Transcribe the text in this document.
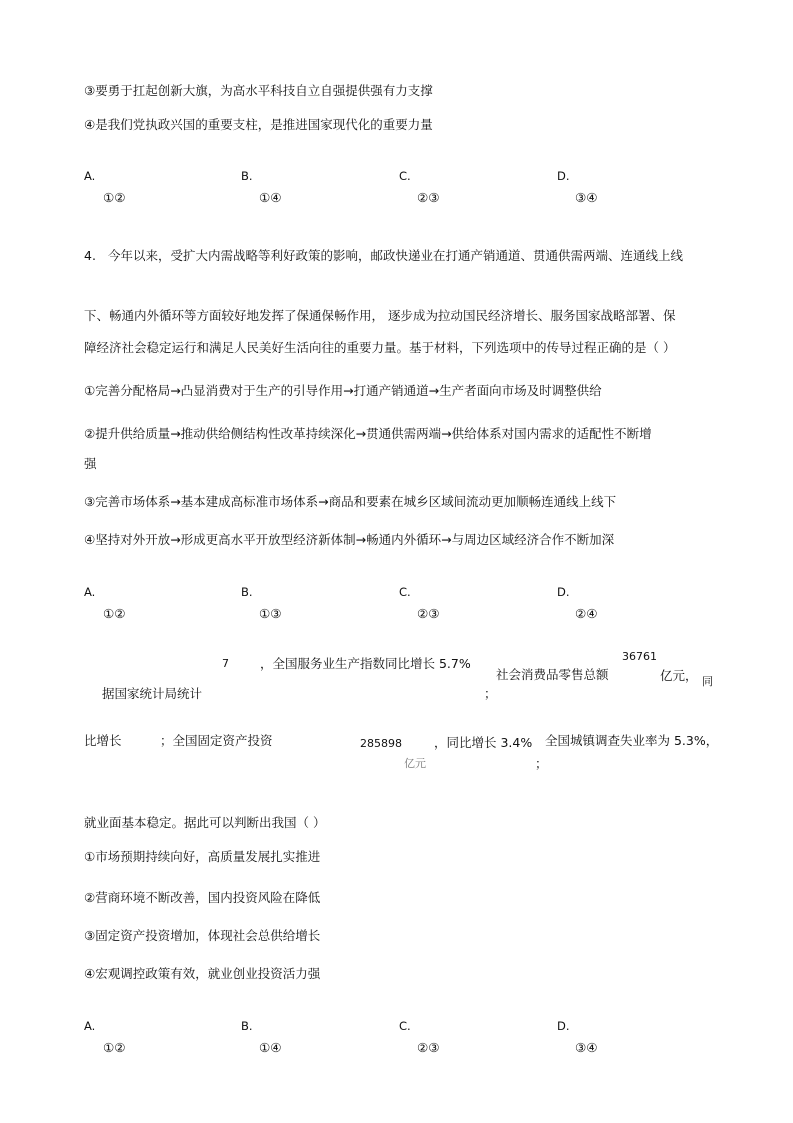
③要勇于扛起创新大旗，为高水平科技自立自强提供强有力支撑
④是我们党执政兴国的重要支柱，是推进国家现代化的重要力量
A.
①②
B.
①④
C.
②③
D.
③④
4. 今年以来，受扩大内需战略等利好政策的影响，邮政快递业在打通产销通道、贯通供需两端、连通线上线
下、畅通内外循环等方面较好地发挥了保通保畅作用， 逐步成为拉动国民经济增长、服务国家战略部署、保
障经济社会稳定运行和满足人民美好生活向往的重要力量。基于材料，下列选项中的传导过程正确的是（ ）
①完善分配格局→凸显消费对于生产的引导作用→打通产销通道→生产者面向市场及时调整供给
②提升供给质量→推动供给侧结构性改革持续深化→贯通供需两端→供给体系对国内需求的适配性不断增
强
③完善市场体系→基本建成高标准市场体系→商品和要素在城乡区域间流动更加顺畅连通线上线下
④坚持对外开放→形成更高水平开放型经济新体制→畅通内外循环→与周边区域经济合作不断加深
A.
①②
B.
①③
C.
②③
D.
②④
7 ，全国服务业生产指数同比增长 5.7%	36761
社会消费品零售总额	亿元， 同
据国家统计局统计	；
比增长	；全国固定资产投资	285898	，同比增长 3.4% 全国城镇调查失业率为 5.3%，
亿元	；
就业面基本稳定。据此可以判断出我国（ ）
①市场预期持续向好，高质量发展扎实推进
②营商环境不断改善，国内投资风险在降低
③固定资产投资增加，体现社会总供给增长
④宏观调控政策有效，就业创业投资活力强
A.
①②
B.
①④
C.
②③
D.
③④
